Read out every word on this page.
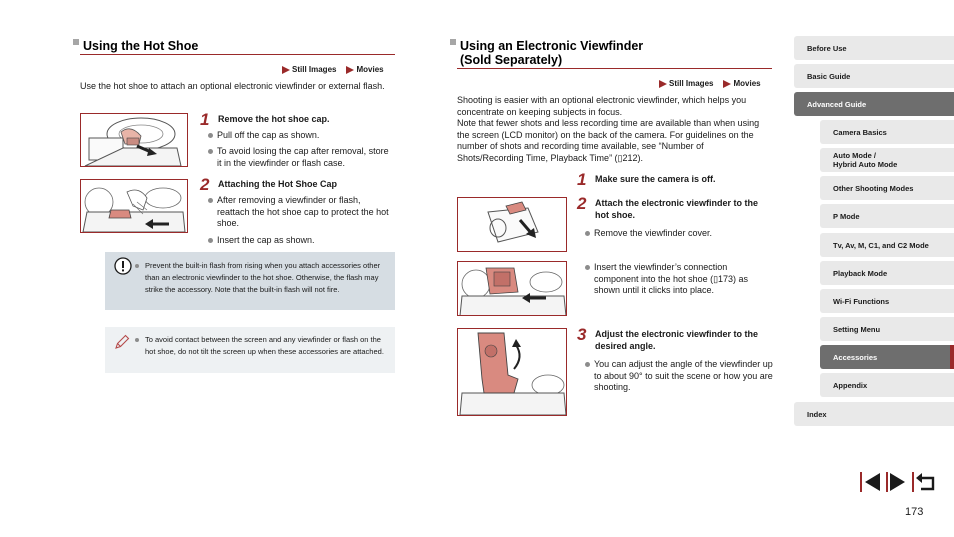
Using the Hot Shoe
Still Images	Movies
Use the hot shoe to attach an optional electronic viewfinder or external flash.
1 Remove the hot shoe cap.
Pull off the cap as shown.
To avoid losing the cap after removal, store it in the viewfinder or flash case.
2 Attaching the Hot Shoe Cap
After removing a viewfinder or flash, reattach the hot shoe cap to protect the hot shoe.
Insert the cap as shown.
Prevent the built-in flash from rising when you attach accessories other than an electronic viewfinder to the hot shoe. Otherwise, the flash may strike the accessory. Note that the built-in flash will not fire.
To avoid contact between the screen and any viewfinder or flash on the hot shoe, do not tilt the screen up when these accessories are attached.
Using an Electronic Viewfinder
(Sold Separately)
Still Images	Movies
Shooting is easier with an optional electronic viewfinder, which helps you concentrate on keeping subjects in focus.
Note that fewer shots and less recording time are available than when using the screen (LCD monitor) on the back of the camera. For guidelines on the number of shots and recording time available, see “Number of Shots/Recording Time, Playback Time” (▯212).
1 Make sure the camera is off.
2 Attach the electronic viewfinder to the hot shoe.
Remove the viewfinder cover.
Insert the viewfinder’s connection component into the hot shoe (▯173) as shown until it clicks into place.
3 Adjust the electronic viewfinder to the desired angle.
You can adjust the angle of the viewfinder up to about 90° to suit the scene or how you are shooting.
Before Use
Basic Guide
Advanced Guide
Camera Basics
Auto Mode /
Hybrid Auto Mode
Other Shooting Modes
P Mode
Tv, Av, M, C1, and C2 Mode
Playback Mode
Wi-Fi Functions
Setting Menu
Accessories
Appendix
Index
173
